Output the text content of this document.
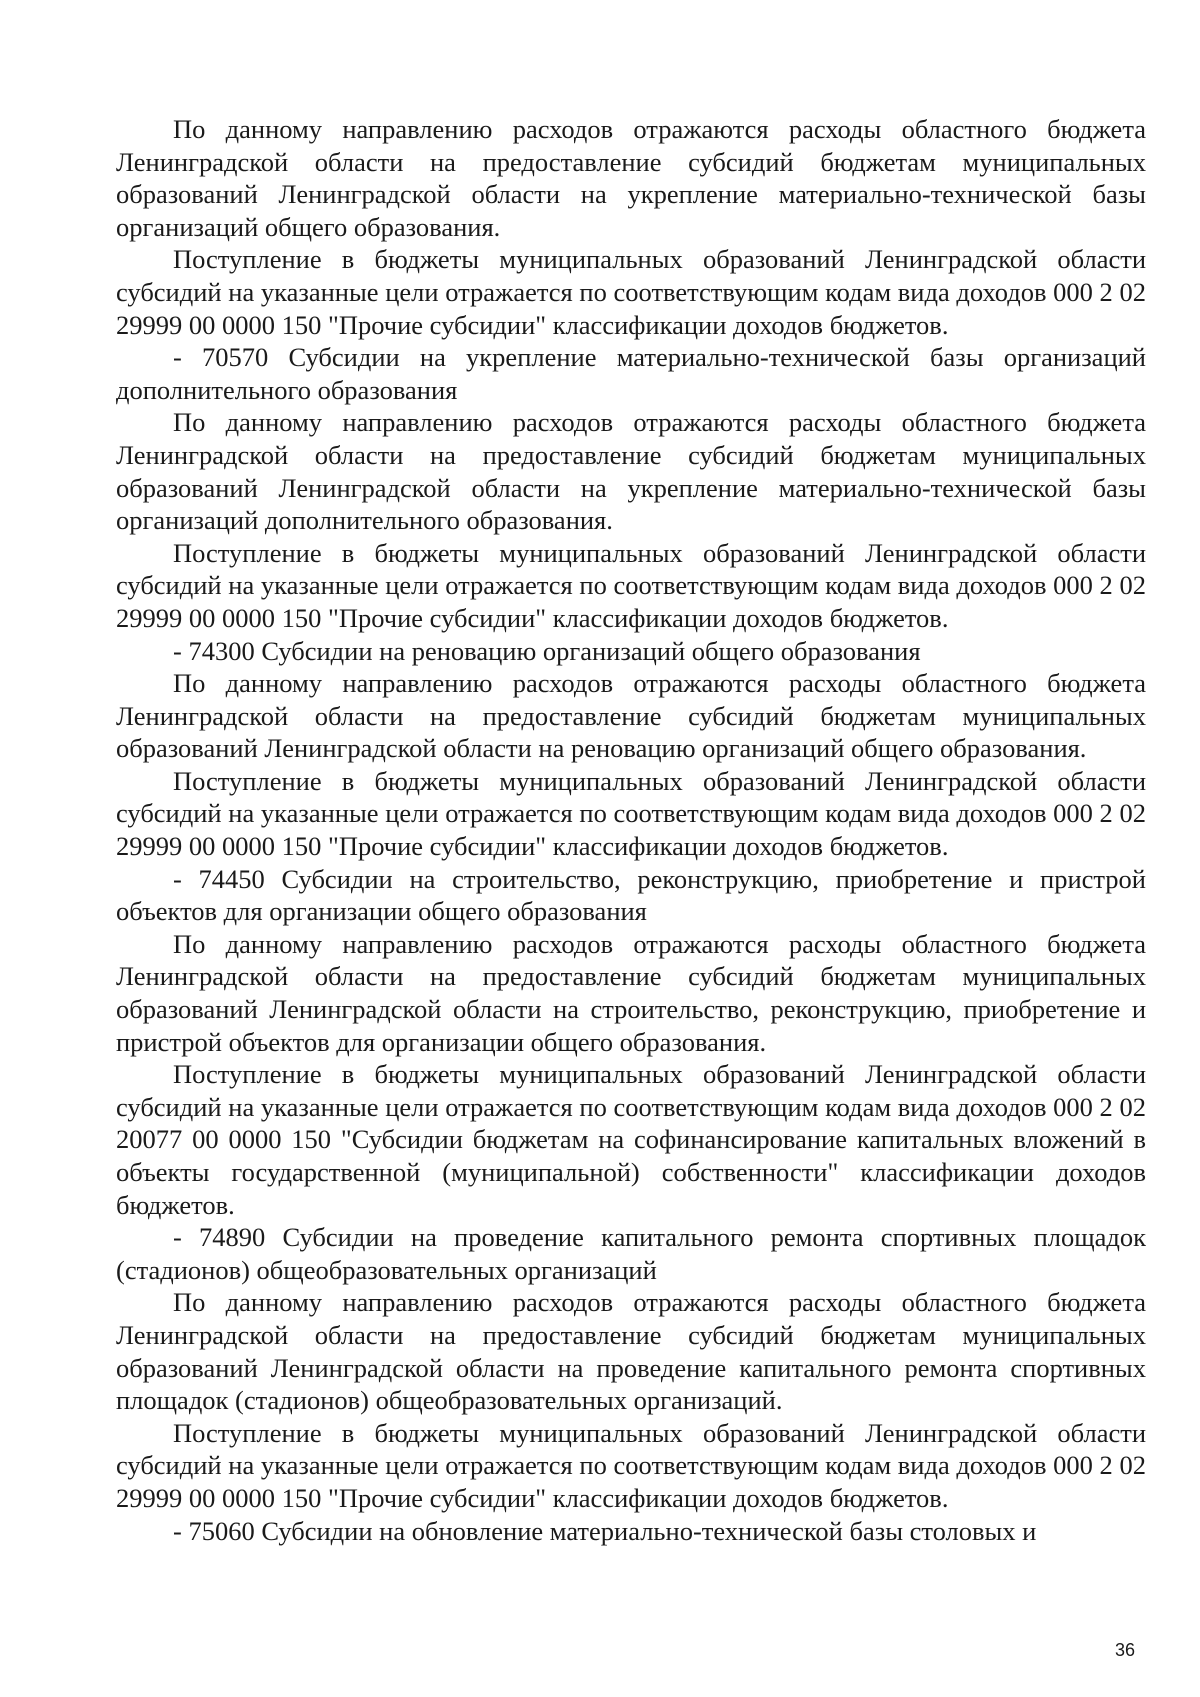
По данному направлению расходов отражаются расходы областного бюджета Ленинградской области на предоставление субсидий бюджетам муниципальных образований Ленинградской области на укрепление материально-технической базы организаций общего образования.

Поступление в бюджеты муниципальных образований Ленинградской области субсидий на указанные цели отражается по соответствующим кодам вида доходов 000 2 02 29999 00 0000 150 "Прочие субсидии" классификации доходов бюджетов.

- 70570 Субсидии на укрепление материально-технической базы организаций дополнительного образования

По данному направлению расходов отражаются расходы областного бюджета Ленинградской области на предоставление субсидий бюджетам муниципальных образований Ленинградской области на укрепление материально-технической базы организаций дополнительного образования.

Поступление в бюджеты муниципальных образований Ленинградской области субсидий на указанные цели отражается по соответствующим кодам вида доходов 000 2 02 29999 00 0000 150 "Прочие субсидии" классификации доходов бюджетов.

- 74300 Субсидии на реновацию организаций общего образования

По данному направлению расходов отражаются расходы областного бюджета Ленинградской области на предоставление субсидий бюджетам муниципальных образований Ленинградской области на реновацию организаций общего образования.

Поступление в бюджеты муниципальных образований Ленинградской области субсидий на указанные цели отражается по соответствующим кодам вида доходов 000 2 02 29999 00 0000 150 "Прочие субсидии" классификации доходов бюджетов.

- 74450 Субсидии на строительство, реконструкцию, приобретение и пристрой объектов для организации общего образования

По данному направлению расходов отражаются расходы областного бюджета Ленинградской области на предоставление субсидий бюджетам муниципальных образований Ленинградской области на строительство, реконструкцию, приобретение и пристрой объектов для организации общего образования.

Поступление в бюджеты муниципальных образований Ленинградской области субсидий на указанные цели отражается по соответствующим кодам вида доходов 000 2 02 20077 00 0000 150 "Субсидии бюджетам на софинансирование капитальных вложений в объекты государственной (муниципальной) собственности" классификации доходов бюджетов.

- 74890 Субсидии на проведение капитального ремонта спортивных площадок (стадионов) общеобразовательных организаций

По данному направлению расходов отражаются расходы областного бюджета Ленинградской области на предоставление субсидий бюджетам муниципальных образований Ленинградской области на проведение капитального ремонта спортивных площадок (стадионов) общеобразовательных организаций.

Поступление в бюджеты муниципальных образований Ленинградской области субсидий на указанные цели отражается по соответствующим кодам вида доходов 000 2 02 29999 00 0000 150 "Прочие субсидии" классификации доходов бюджетов.

- 75060 Субсидии на обновление материально-технической базы столовых и

36
